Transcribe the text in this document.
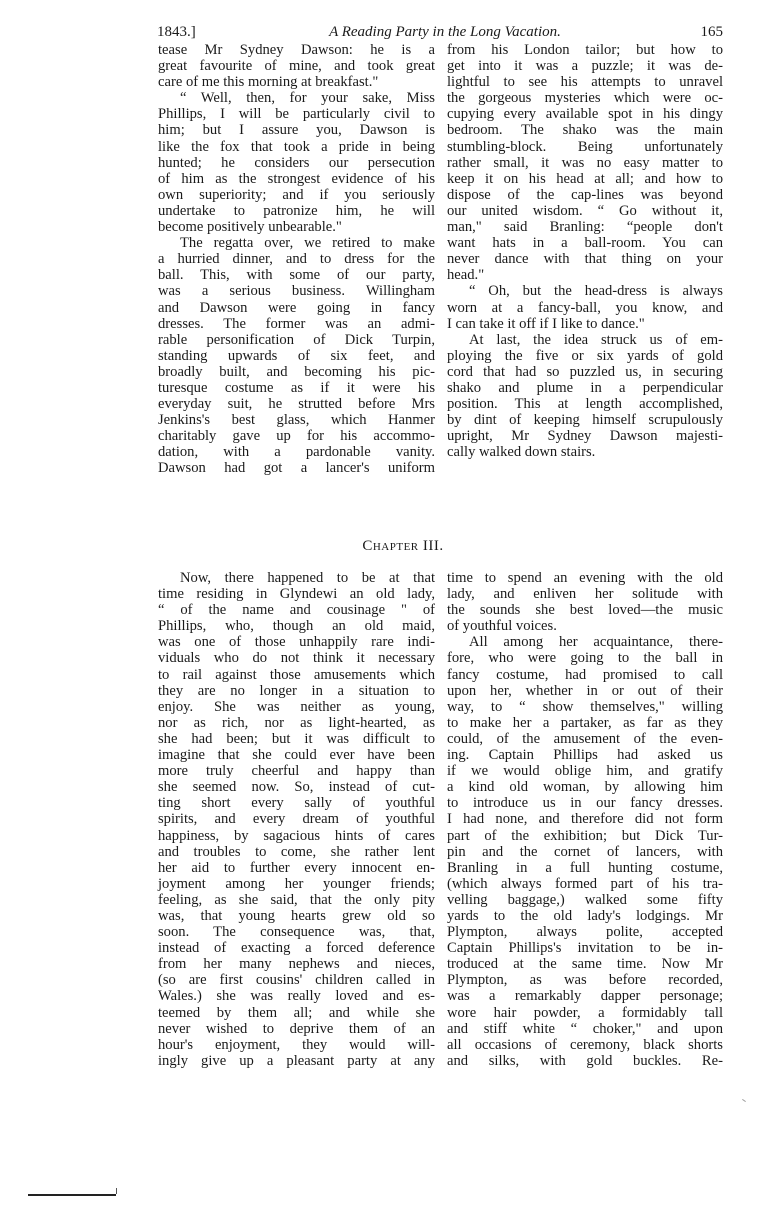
1843.]	A Reading Party in the Long Vacation.	165
tease Mr Sydney Dawson: he is a
great favourite of mine, and took great
care of me this morning at breakfast."
“ Well, then, for your sake, Miss
Phillips, I will be particularly civil to
him; but I assure you, Dawson is
like the fox that took a pride in being
hunted; he considers our persecution
of him as the strongest evidence of his
own superiority; and if you seriously
undertake to patronize him, he will
become positively unbearable."
The regatta over, we retired to make
a hurried dinner, and to dress for the
ball. This, with some of our party,
was a serious business. Willingham
and Dawson were going in fancy
dresses. The former was an admi-
rable personification of Dick Turpin,
standing upwards of six feet, and
broadly built, and becoming his pic-
turesque costume as if it were his
everyday suit, he strutted before Mrs
Jenkins's best glass, which Hanmer
charitably gave up for his accommo-
dation, with a pardonable vanity.
Dawson had got a lancer's uniform
from his London tailor; but how to
get into it was a puzzle; it was de-
lightful to see his attempts to unravel
the gorgeous mysteries which were oc-
cupying every available spot in his dingy
bedroom. The shako was the main
stumbling-block. Being unfortunately
rather small, it was no easy matter to
keep it on his head at all; and how to
dispose of the cap-lines was beyond
our united wisdom. “ Go without it,
man," said Branling: “people don't
want hats in a ball-room. You can
never dance with that thing on your
head."
“ Oh, but the head-dress is always
worn at a fancy-ball, you know, and
I can take it off if I like to dance."
At last, the idea struck us of em-
ploying the five or six yards of gold
cord that had so puzzled us, in securing
shako and plume in a perpendicular
position. This at length accomplished,
by dint of keeping himself scrupulously
upright, Mr Sydney Dawson majesti-
cally walked down stairs.
CHAPTER III.
Now, there happened to be at that
time residing in Glyndewi an old lady,
“ of the name and cousinage " of
Phillips, who, though an old maid,
was one of those unhappily rare indi-
viduals who do not think it necessary
to rail against those amusements which
they are no longer in a situation to
enjoy. She was neither as young,
nor as rich, nor as light-hearted, as
she had been; but it was difficult to
imagine that she could ever have been
more truly cheerful and happy than
she seemed now. So, instead of cut-
ting short every sally of youthful
spirits, and every dream of youthful
happiness, by sagacious hints of cares
and troubles to come, she rather lent
her aid to further every innocent en-
joyment among her younger friends;
feeling, as she said, that the only pity
was, that young hearts grew old so
soon. The consequence was, that,
instead of exacting a forced deference
from her many nephews and nieces,
(so are first cousins' children called in
Wales.) she was really loved and es-
teemed by them all; and while she
never wished to deprive them of an
hour's enjoyment, they would will-
ingly give up a pleasant party at any
time to spend an evening with the old
lady, and enliven her solitude with
the sounds she best loved—the music
of youthful voices.
All among her acquaintance, there-
fore, who were going to the ball in
fancy costume, had promised to call
upon her, whether in or out of their
way, to “ show themselves," willing
to make her a partaker, as far as they
could, of the amusement of the even-
ing. Captain Phillips had asked us
if we would oblige him, and gratify
a kind old woman, by allowing him
to introduce us in our fancy dresses.
I had none, and therefore did not form
part of the exhibition; but Dick Tur-
pin and the cornet of lancers, with
Branling in a full hunting costume,
(which always formed part of his tra-
velling baggage,) walked some fifty
yards to the old lady's lodgings. Mr
Plympton, always polite, accepted
Captain Phillips's invitation to be in-
troduced at the same time. Now Mr
Plympton, as was before recorded,
was a remarkably dapper personage;
wore hair powder, a formidably tall
and stiff white “ choker," and upon
all occasions of ceremony, black shorts
and silks, with gold buckles. Re-
